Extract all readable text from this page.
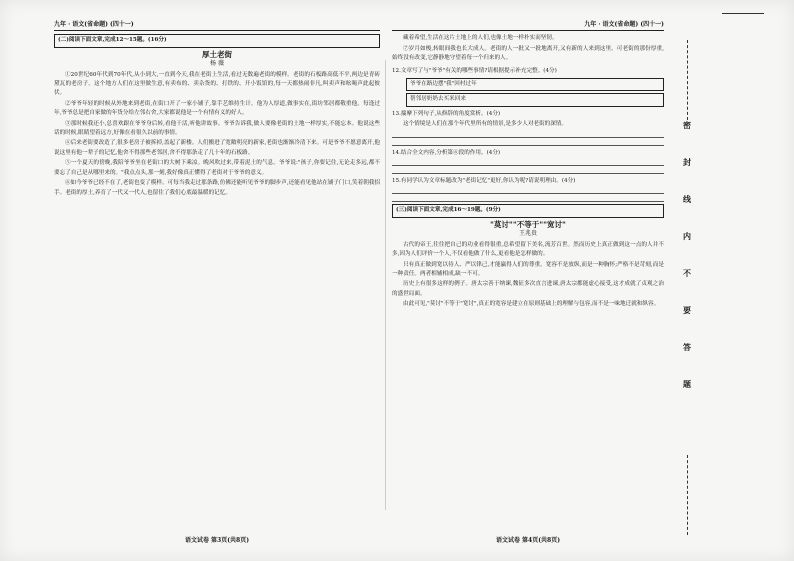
九年 · 语文(省命题) (四十一)
(二)阅读下面文章,完成12～15题。(16分)
厚土老街
杨 薇

①20世纪60年代到70年代,从小到大,一直到今天,我在老街上生活,看过无数遍老街的模样。老街的石板路高低不平,两边是青砖黛瓦的老房子。这个地方人们在这里做生意,有卖布的、卖杂货的、打铁的、开小饭馆的,每一天都热闹非凡,叫卖声和吆喝声此起彼伏。

②爷爷年轻的时候从外地来到老街,在街口开了一家小铺子,靠手艺维持生计。他为人厚道,做事实在,街坊邻居都敬重他。每逢过年,爷爷总是把自家做的年货分给左邻右舍,大家都说他是一个有情有义的好人。

③那时候我还小,总喜欢跟在爷爷身后转,看他干活,听他讲故事。爷爷告诉我,做人要像老街的土地一样厚实,不能忘本。他说这些话的时候,眼睛望着远方,好像在看很久以前的事情。

④后来老街要改造了,很多老房子被拆掉,盖起了新楼。人们搬进了宽敞明亮的新家,老街也渐渐冷清下来。可是爷爷不愿意离开,他说这里有他一辈子的记忆,他舍不得那些老邻居,舍不得那条走了几十年的石板路。

⑤一个夏天的傍晚,我陪爷爷坐在老街口的大树下乘凉。晚风吹过来,带着泥土的气息。爷爷说:"孩子,你要记住,无论走多远,都不要忘了自己是从哪里来的。"我点点头,那一刻,我好像真正懂得了老街对于爷爷的意义。

⑥如今爷爷已经不在了,老街也变了模样。可每当我走过那条路,仿佛还能听见爷爷的脚步声,还能看见他站在铺子门口,笑着朝我招手。老街的厚土,养育了一代又一代人,也留住了我们心底最温暖的记忆。

语文试卷 第3页(共8页)
九年 · 语文(省命题) (四十一)

藏着希望,生活在这片土地上的人们,也像土地一样朴实而坚韧。

⑦岁月如梭,转眼间我也长大成人。老街的人一批又一批地离开,又有新的人来到这里。可老街的那份厚重,始终没有改变,它静静地守望着每一个归来的人。

12.文章写了与"爷爷"有关的哪些事情?请根据提示补充完整。(4分)
爷爷在路边摆"我"回村过年
帮邻居奶奶去买米回来
13.揣摩下列句子,从修辞的角度赏析。(4分)

这个情境是人们在那个年代里所有的情景,是多少人对老街的深情。

14.结合全文内容,分析第⑥段的作用。(4分)
15.有同学认为文章标题改为"老街记忆"更好,你认为呢?请说明理由。(4分)
(三)阅读下面文章,完成16～19题。(9分)
"莫讨""不等于""宽讨"
王兆贵

古代的帝王,往往把自己的功业看得很重,总希望留下美名,流芳百世。然而历史上真正做到这一点的人并不多,因为人们评价一个人,不仅看他做了什么,更看他是怎样做的。

只有真正做到宽以待人、严以律己,才能赢得人们的尊重。宽容不是放纵,而是一种胸怀;严格不是苛刻,而是一种责任。两者相辅相成,缺一不可。

历史上有很多这样的例子。唐太宗善于纳谏,魏征多次直言进谏,唐太宗都能虚心接受,这才成就了贞观之治的盛世局面。

由此可见,"莫讨"不等于"宽讨",真正的宽容是建立在原则基础上的理解与包容,而不是一味地迁就和纵容。

语文试卷 第4页(共8页)
密
封
线
内
不
要
答
题
